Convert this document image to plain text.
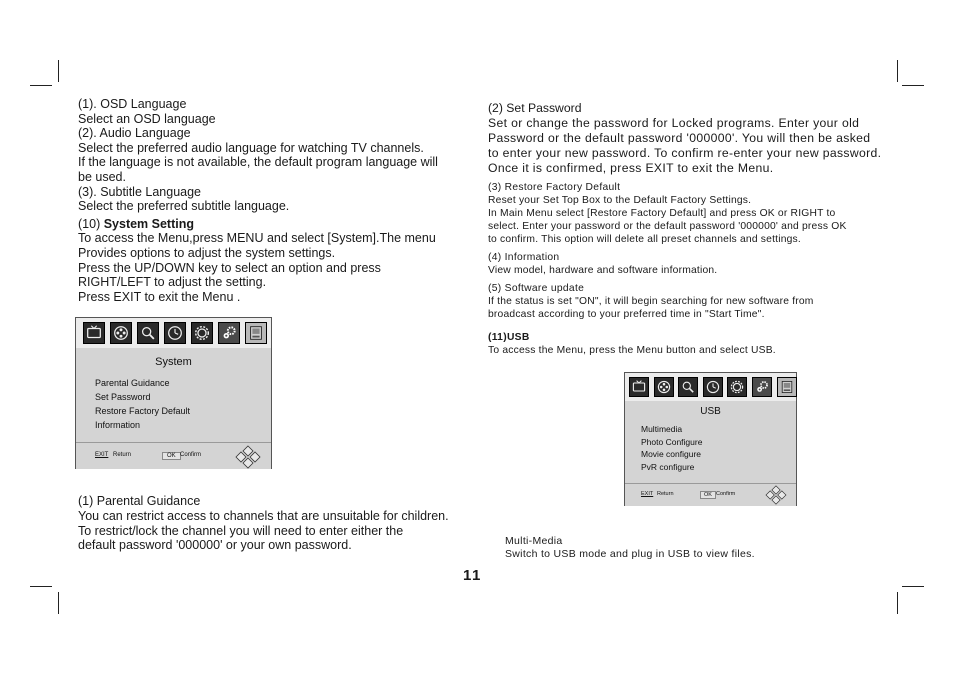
(1). OSD Language

Select an OSD language

(2). Audio Language

Select the preferred audio language for watching TV channels.

If the language is not available, the default program language will

be used.

(3). Subtitle Language

Select the preferred subtitle language.

(10) System Setting

To access the Menu,press MENU and select [System].The menu

Provides options to adjust the system settings.

Press the UP/DOWN key to select an option and press

RIGHT/LEFT to adjust the setting.

Press EXIT to exit the Menu .

System
Parental Guidance
Set Password
Restore Factory Default
Information
EXIT Return	OK Confirm

(1) Parental Guidance

You can restrict access to channels that are unsuitable for children.

To restrict/lock the channel you will need to enter either the

default password '000000' or your own password.

(2) Set Password
Set or change the password for Locked programs. Enter your old
Password or the default password '000000'. You will then be asked
to enter your new password. To confirm re-enter your new password.
Once it is confirmed, press EXIT to exit the Menu.
(3) Restore Factory Default
Reset your Set Top Box to the Default Factory Settings.
In Main Menu select [Restore Factory Default] and press OK or RIGHT to
select. Enter your password or the default password '000000' and press OK
to confirm. This option will delete all preset channels and settings.
(4) Information
View model, hardware and software information.
(5) Software update
If the status is set "ON", it will begin searching for new software from
broadcast according to your preferred time in "Start Time".
(11)USB
To access the Menu, press the Menu button and select USB.
USB
Multimedia
Photo Configure
Movie configure
PvR configure
EXIT Return	OK Confirm
Multi-Media
Switch to USB mode and plug in USB to view files.
11
